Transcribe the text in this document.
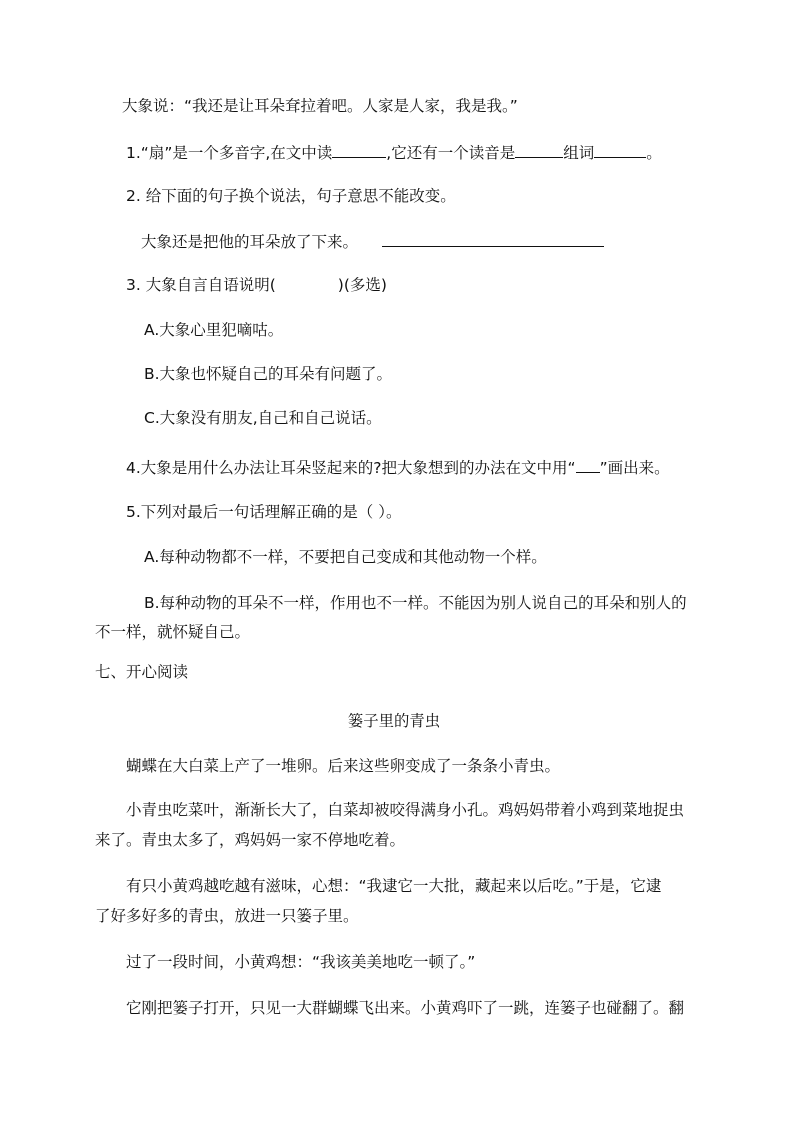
大象说：“我还是让耳朵耷拉着吧。人家是人家，我是我。”
1.“扇”是一个多音字,在文中读	,它还有一个读音是	组词	。
2. 给下面的句子换个说法，句子意思不能改变。
大象还是把他的耳朵放了下来。
3. 大象自言自语说明(	)(多选)
A.大象心里犯嘀咕。
B.大象也怀疑自己的耳朵有问题了。
C.大象没有朋友,自己和自己说话。
4.大象是用什么办法让耳朵竖起来的?把大象想到的办法在文中用“ ”画出来。
5.下列对最后一句话理解正确的是（ ）。
A.每种动物都不一样，不要把自己变成和其他动物一个样。
B.每种动物的耳朵不一样，作用也不一样。不能因为别人说自己的耳朵和别人的
不一样，就怀疑自己。
七、开心阅读
篓子里的青虫
蝴蝶在大白菜上产了一堆卵。后来这些卵变成了一条条小青虫。
小青虫吃菜叶，渐渐长大了，白菜却被咬得满身小孔。鸡妈妈带着小鸡到菜地捉虫
来了。青虫太多了，鸡妈妈一家不停地吃着。
有只小黄鸡越吃越有滋味，心想：“我逮它一大批，藏起来以后吃。”于是，它逮
了好多好多的青虫，放进一只篓子里。
过了一段时间，小黄鸡想：“我该美美地吃一顿了。”
它刚把篓子打开，只见一大群蝴蝶飞出来。小黄鸡吓了一跳，连篓子也碰翻了。翻
